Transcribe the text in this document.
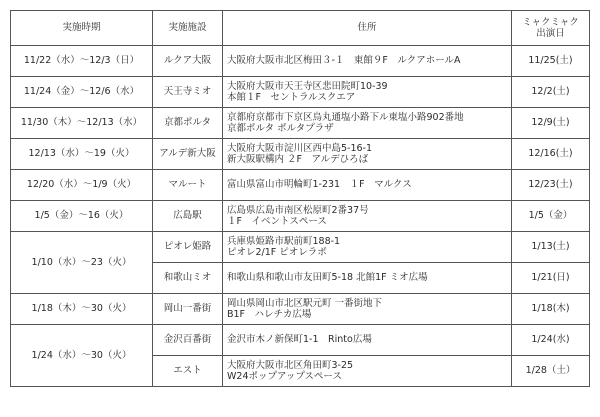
実施時期	実施施設	住所	ミャクミャク
出演日

11/22（水）～12/3（日）	ルクア大阪	大阪府大阪市北区梅田３-１　東館９F　ルクアホールA	11/25(土)
11/24（金）～12/6（水）	天王寺ミオ	大阪府大阪市天王寺区悲田院町10-39
本館１F　セントラルスクエア	12/2(土)
11/30（木）～12/13（水）	京都ポルタ	京都府京都市下京区烏丸通塩小路下ル東塩小路902番地
京都ポルタ ポルタプラザ	12/9(土)
12/13（水）～19（火）	アルデ新大阪	大阪府大阪市淀川区西中島5-16-1
新大阪駅構内 ２F　アルデひろば	12/16(土)
12/20（水）～1/9（火）	マルート	富山県富山市明輪町1-231　１F　マルクス	12/23(土)
1/5（金）～16（火）	広島駅	広島県広島市南区松原町2番37号
１F　イベントスペース	1/5（金）
1/10（水）～23（火）	ピオレ姫路	兵庫県姫路市駅前町188-1
ピオレ2/1F ピオレラボ	1/13(土)
	和歌山ミオ	和歌山県和歌山市友田町5-18 北館1F ミオ広場	1/21(日)
1/18（木）～30（火）	岡山一番街	岡山県岡山市北区駅元町 一番街地下
B1F　ハレチカ広場	1/18(木)
1/24（水）～30（火）	金沢百番街	金沢市木ノ新保町1-1　Rinto広場	1/24(水)
	エスト	大阪府大阪市北区角田町3-25
W24ポップアップスペース	1/28（土）
